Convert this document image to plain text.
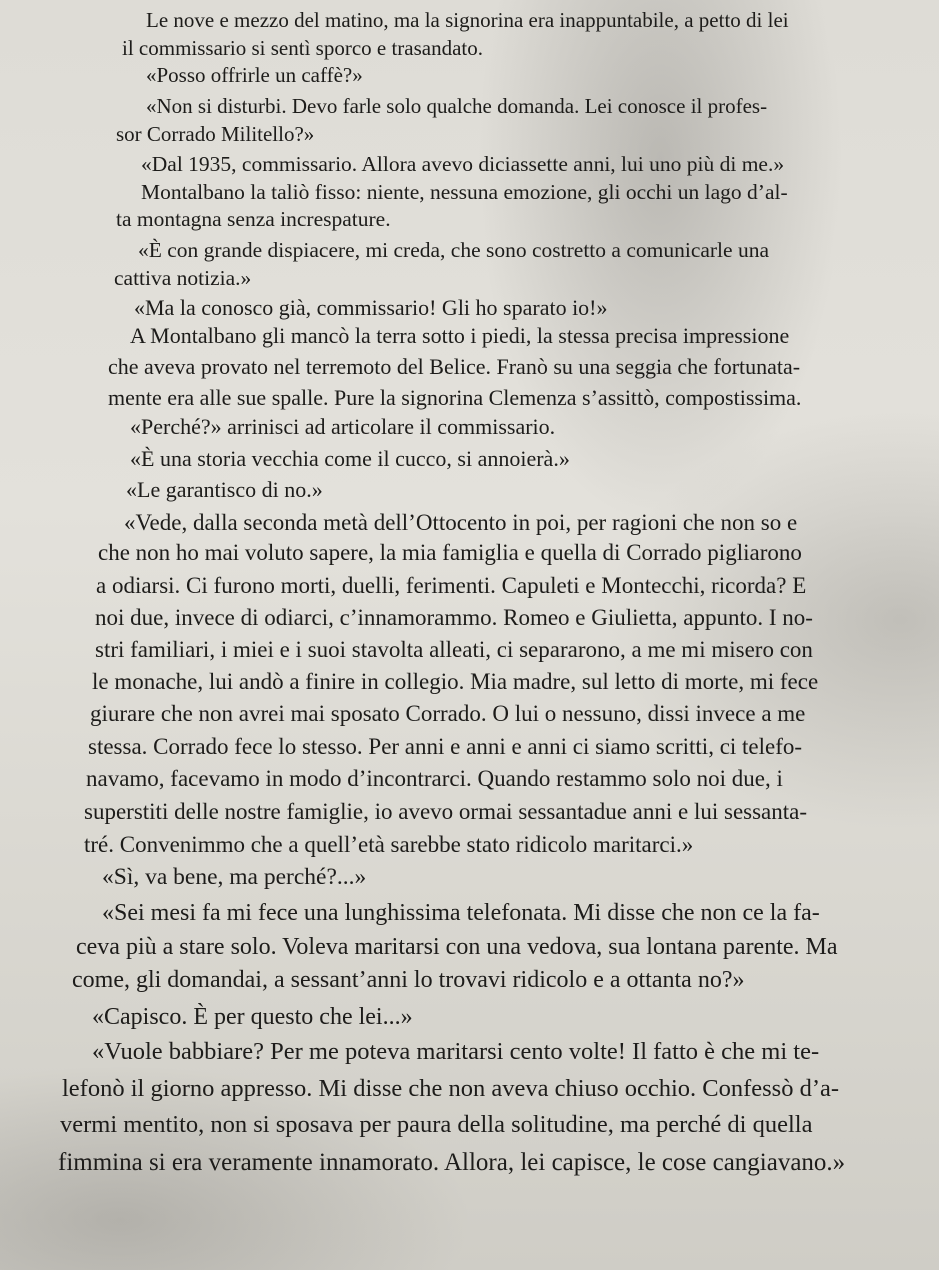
Le nove e mezzo del matino, ma la signorina era inappuntabile, a petto di lei
il commissario si sentì sporco e trasandato.
«Posso offrirle un caffè?»
«Non si disturbi. Devo farle solo qualche domanda. Lei conosce il profes-
sor Corrado Militello?»
«Dal 1935, commissario. Allora avevo diciassette anni, lui uno più di me.»
Montalbano la taliò fisso: niente, nessuna emozione, gli occhi un lago d’al-
ta montagna senza increspature.
«È con grande dispiacere, mi creda, che sono costretto a comunicarle una
cattiva notizia.»
«Ma la conosco già, commissario! Gli ho sparato io!»
A Montalbano gli mancò la terra sotto i piedi, la stessa precisa impressione
che aveva provato nel terremoto del Belice. Franò su una seggia che fortunata-
mente era alle sue spalle. Pure la signorina Clemenza s’assittò, compostissima.
«Perché?» arrinisci ad articolare il commissario.
«È una storia vecchia come il cucco, si annoierà.»
«Le garantisco di no.»
«Vede, dalla seconda metà dell’Ottocento in poi, per ragioni che non so e
che non ho mai voluto sapere, la mia famiglia e quella di Corrado pigliarono
a odiarsi. Ci furono morti, duelli, ferimenti. Capuleti e Montecchi, ricorda? E
noi due, invece di odiarci, c’innamorammo. Romeo e Giulietta, appunto. I no-
stri familiari, i miei e i suoi stavolta alleati, ci separarono, a me mi misero con
le monache, lui andò a finire in collegio. Mia madre, sul letto di morte, mi fece
giurare che non avrei mai sposato Corrado. O lui o nessuno, dissi invece a me
stessa. Corrado fece lo stesso. Per anni e anni e anni ci siamo scritti, ci telefo-
navamo, facevamo in modo d’incontrarci. Quando restammo solo noi due, i
superstiti delle nostre famiglie, io avevo ormai sessantadue anni e lui sessanta-
tré. Convenimmo che a quell’età sarebbe stato ridicolo maritarci.»
«Sì, va bene, ma perché?...»
«Sei mesi fa mi fece una lunghissima telefonata. Mi disse che non ce la fa-
ceva più a stare solo. Voleva maritarsi con una vedova, sua lontana parente. Ma
come, gli domandai, a sessant’anni lo trovavi ridicolo e a ottanta no?»
«Capisco. È per questo che lei...»
«Vuole babbiare? Per me poteva maritarsi cento volte! Il fatto è che mi te-
lefonò il giorno appresso. Mi disse che non aveva chiuso occhio. Confessò d’a-
vermi mentito, non si sposava per paura della solitudine, ma perché di quella
fimmina si era veramente innamorato. Allora, lei capisce, le cose cangiavano.»
